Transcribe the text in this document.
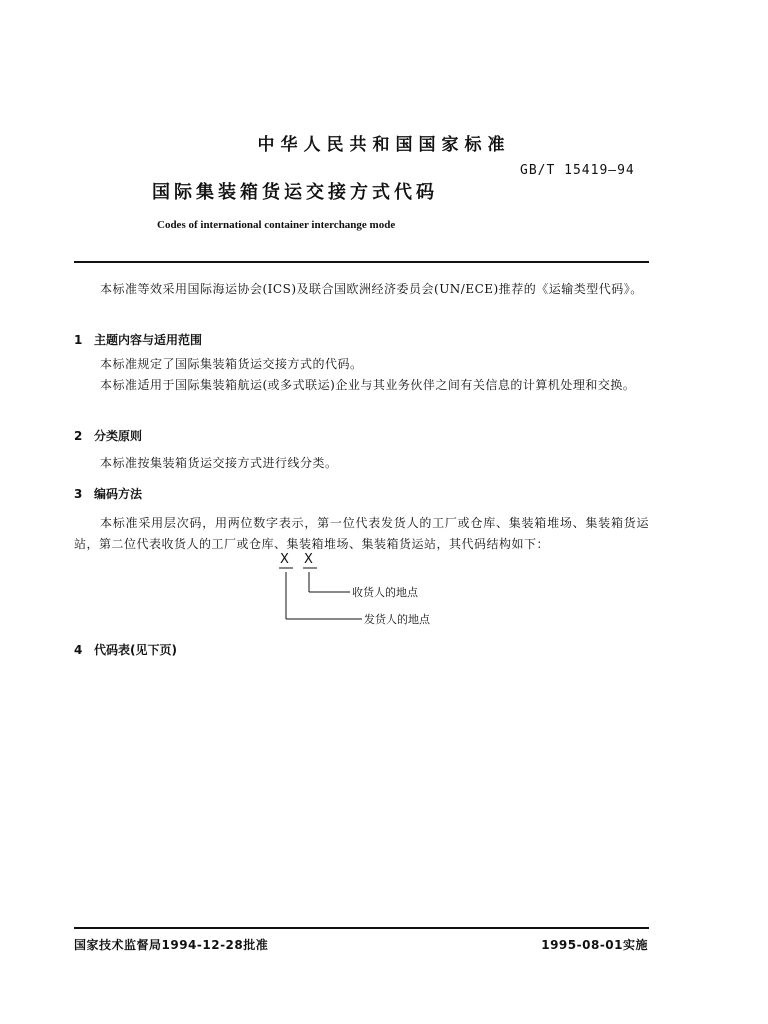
中华人民共和国国家标准
GB/T 15419—94
国际集装箱货运交接方式代码
Codes of international container interchange mode
本标准等效采用国际海运协会(ICS)及联合国欧洲经济委员会(UN/ECE)推荐的《运输类型代码》。
1 主题内容与适用范围
本标准规定了国际集装箱货运交接方式的代码。
本标准适用于国际集装箱航运(或多式联运)企业与其业务伙伴之间有关信息的计算机处理和交换。
2 分类原则
本标准按集装箱货运交接方式进行线分类。
3 编码方法
本标准采用层次码，用两位数字表示，第一位代表发货人的工厂或仓库、集装箱堆场、集装箱货运站，第二位代表收货人的工厂或仓库、集装箱堆场、集装箱货运站，其代码结构如下：
X X
收货人的地点
发货人的地点
4 代码表(见下页)
国家技术监督局1994-12-28批准	1995-08-01实施
